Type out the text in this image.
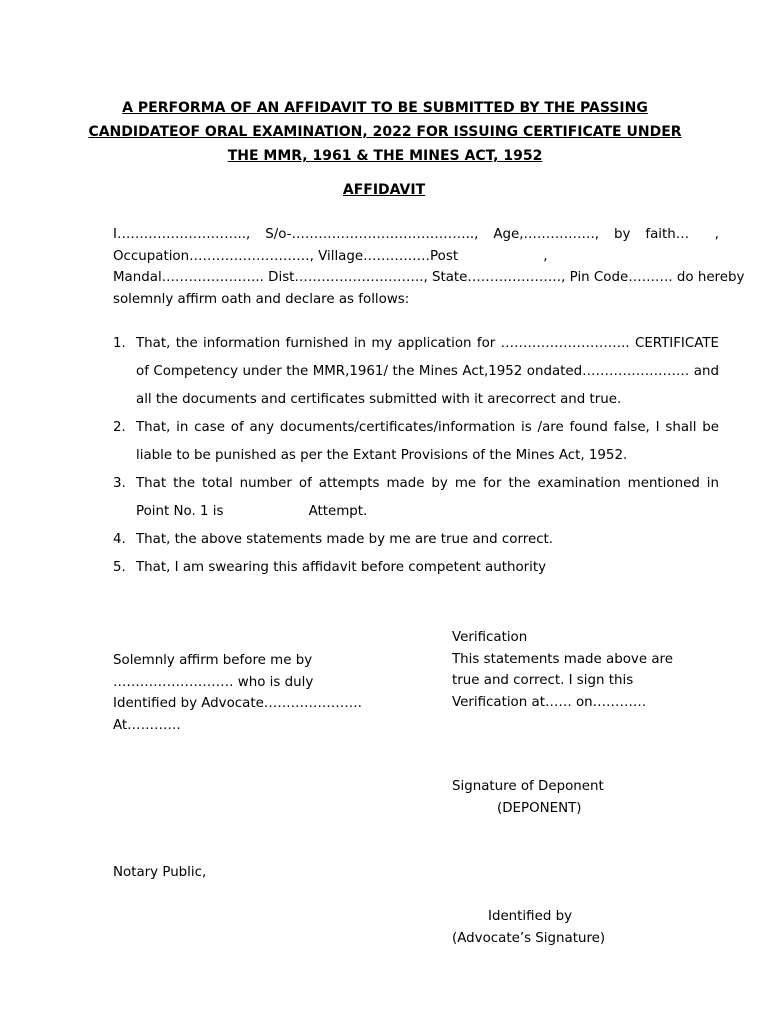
A PERFORMA OF AN AFFIDAVIT TO BE SUBMITTED BY THE PASSING
CANDIDATEOF ORAL EXAMINATION, 2022 FOR ISSUING CERTIFICATE UNDER
THE MMR, 1961 & THE MINES ACT, 1952
AFFIDAVIT
I……………………….., S/o-………………………………….., Age,……………., by faith…      ,
Occupation………………………, Village……………Post                    ,
Mandal………………….. Dist……………………….., State…………………, Pin Code………. do hereby
solemnly affirm oath and declare as follows:
1. That, the information furnished in my application for ……………………….. CERTIFICATE of Competency under the MMR,1961/ the Mines Act,1952 ondated…………………… and all the documents and certificates submitted with it arecorrect and true.
2. That, in case of any documents/certificates/information is /are found false, I shall be liable to be punished as per the Extant Provisions of the Mines Act, 1952.
3. That the total number of attempts made by me for the examination mentioned in Point No. 1 is                    Attempt.
4. That, the above statements made by me are true and correct.
5. That, I am swearing this affidavit before competent authority
Solemnly affirm before me by
……………………… who is duly
Identified by Advocate………………….
At…………
Verification
This statements made above are
true and correct. I sign this
Verification at…… on…………
Signature of Deponent
(DEPONENT)
Notary Public,
Identified by
(Advocate’s Signature)
